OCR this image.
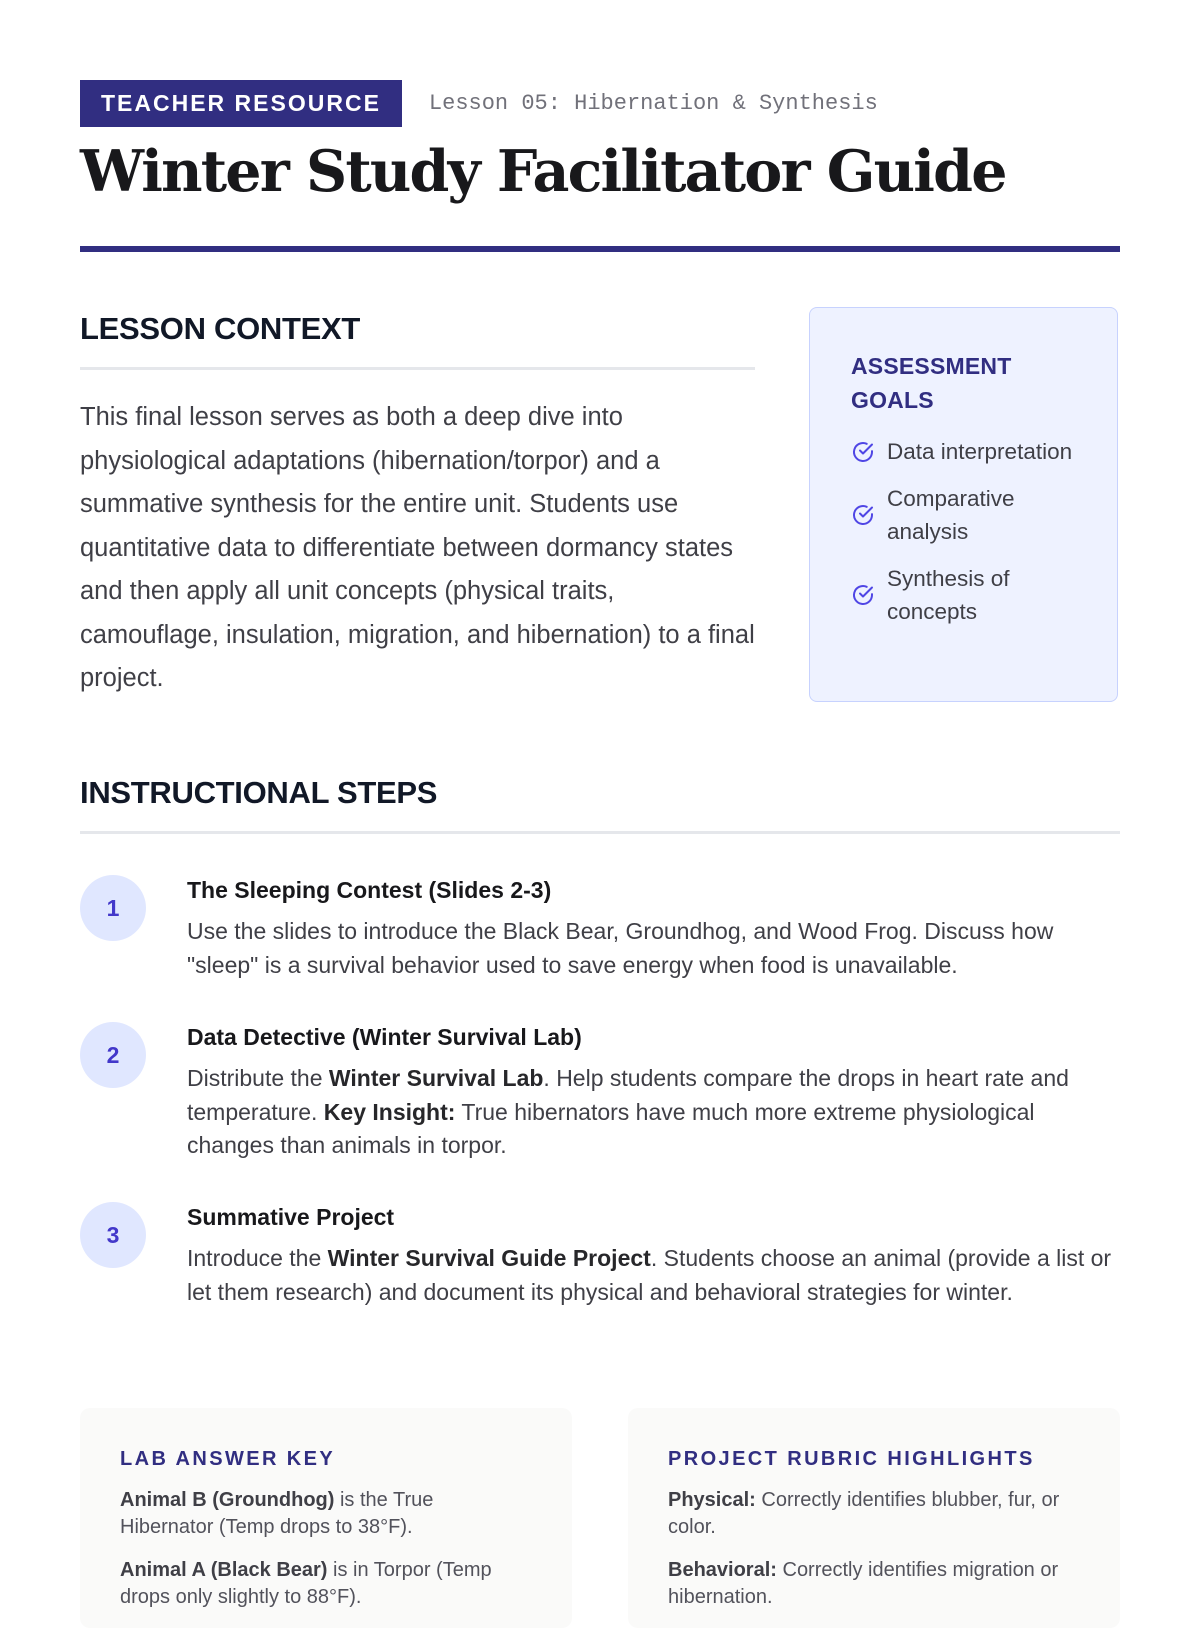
TEACHER RESOURCE	Lesson 05: Hibernation & Synthesis
Winter Study Facilitator Guide
LESSON CONTEXT

This final lesson serves as both a deep dive into physiological adaptations (hibernation/torpor) and a summative synthesis for the entire unit. Students use quantitative data to differentiate between dormancy states and then apply all unit concepts (physical traits, camouflage, insulation, migration, and hibernation) to a final project.

ASSESSMENT GOALS
Data interpretation
Comparative analysis
Synthesis of concepts
INSTRUCTIONAL STEPS
1
The Sleeping Contest (Slides 2-3)

Use the slides to introduce the Black Bear, Groundhog, and Wood Frog. Discuss how "sleep" is a survival behavior used to save energy when food is unavailable.

2
Data Detective (Winter Survival Lab)

Distribute the Winter Survival Lab. Help students compare the drops in heart rate and temperature. Key Insight: True hibernators have much more extreme physiological changes than animals in torpor.

3
Summative Project

Introduce the Winter Survival Guide Project. Students choose an animal (provide a list or let them research) and document its physical and behavioral strategies for winter.

LAB ANSWER KEY

Animal B (Groundhog) is the True Hibernator (Temp drops to 38°F).

Animal A (Black Bear) is in Torpor (Temp drops only slightly to 88°F).

PROJECT RUBRIC HIGHLIGHTS

Physical: Correctly identifies blubber, fur, or color.

Behavioral: Correctly identifies migration or hibernation.
